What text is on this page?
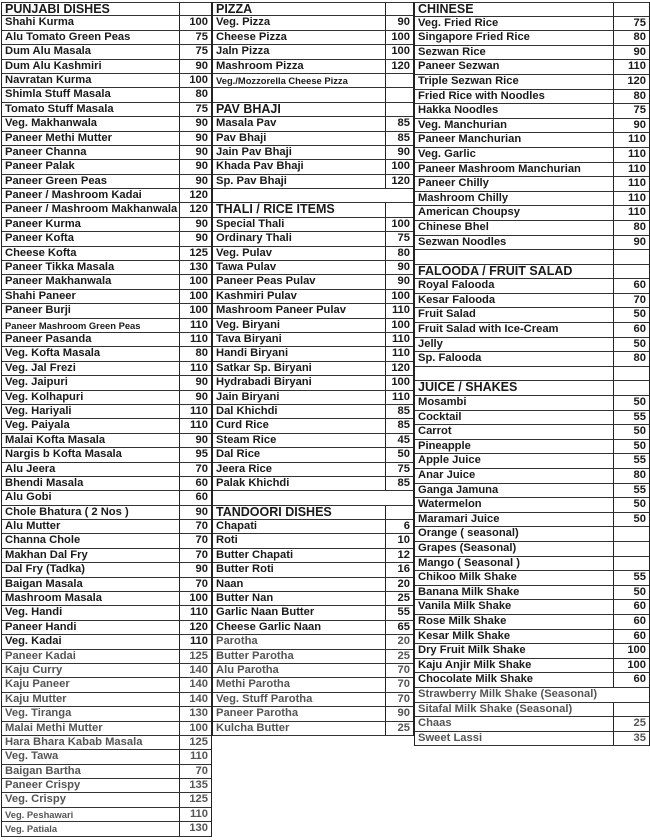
PUNJABI DISHES
Shahi Kurma	100
Alu Tomato Green Peas	75
Dum Alu Masala	75
Dum Alu Kashmiri	90
Navratan Kurma	100
Shimla Stuff Masala	80
Tomato Stuff Masala	75
Veg. Makhanwala	90
Paneer Methi Mutter	90
Paneer Channa	90
Paneer Palak	90
Paneer Green Peas	90
Paneer / Mashroom Kadai	120
Paneer / Mashroom Makhanwala	120
Paneer Kurma	90
Paneer Kofta	90
Cheese Kofta	125
Paneer Tikka Masala	130
Paneer Makhanwala	100
Shahi Paneer	100
Paneer Burji	100
Paneer Mashroom Green Peas	110
Paneer Pasanda	110
Veg. Kofta Masala	80
Veg. Jal Frezi	110
Veg. Jaipuri	90
Veg. Kolhapuri	90
Veg. Hariyali	110
Veg. Paiyala	110
Malai Kofta Masala	90
Nargis b Kofta Masala	95
Alu Jeera	70
Bhendi Masala	60
Alu Gobi	60
Chole Bhatura ( 2 Nos )	90
Alu Mutter	70
Channa Chole	70
Makhan Dal Fry	70
Dal Fry (Tadka)	90
Baigan Masala	70
Mashroom Masala	100
Veg. Handi	110
Paneer Handi	120
Veg. Kadai	110
Paneer Kadai	125
Kaju Curry	140
Kaju Paneer	140
Kaju Mutter	140
Veg. Tiranga	130
Malai Methi Mutter	100
Hara Bhara Kabab Masala	125
Veg. Tawa	110
Baigan Bartha	70
Paneer Crispy	135
Veg. Crispy	125
Veg. Peshawari	110
Veg. Patiala	130
PIZZA
Veg. Pizza	90
Cheese Pizza	100
Jaln Pizza	100
Mashroom Pizza	120
Veg./Mozzorella Cheese Pizza
PAV BHAJI
Masala Pav	85
Pav Bhaji	85
Jain Pav Bhaji	90
Khada Pav Bhaji	100
Sp. Pav Bhaji	120
THALI / RICE ITEMS
Special Thali	100
Ordinary Thali	75
Veg. Pulav	80
Tawa Pulav	90
Paneer Peas Pulav	90
Kashmiri Pulav	100
Mashroom Paneer Pulav	110
Veg. Biryani	100
Tava Biryani	110
Handi Biryani	110
Satkar Sp. Biryani	120
Hydrabadi Biryani	100
Jain Biryani	110
Dal Khichdi	85
Curd Rice	85
Steam Rice	45
Dal Rice	50
Jeera Rice	75
Palak Khichdi	85
TANDOORI DISHES
Chapati	6
Roti	10
Butter Chapati	12
Butter Roti	16
Naan	20
Butter Nan	25
Garlic Naan Butter	55
Cheese Garlic Naan	65
Parotha	20
Butter Parotha	25
Alu Parotha	70
Methi Parotha	70
Veg. Stuff Parotha	70
Paneer Parotha	90
Kulcha Butter	25
CHINESE
Veg. Fried Rice	75
Singapore Fried Rice	80
Sezwan Rice	90
Paneer Sezwan	110
Triple Sezwan Rice	120
Fried Rice with Noodles	80
Hakka Noodles	75
Veg. Manchurian	90
Paneer Manchurian	110
Veg. Garlic	110
Paneer Mashroom Manchurian	110
Paneer Chilly	110
Mashroom Chilly	110
American Choupsy	110
Chinese Bhel	80
Sezwan Noodles	90
FALOODA / FRUIT SALAD
Royal Falooda	60
Kesar Falooda	70
Fruit Salad	50
Fruit Salad with Ice-Cream	60
Jelly	50
Sp. Falooda	80
JUICE / SHAKES
Mosambi	50
Cocktail	55
Carrot	50
Pineapple	50
Apple Juice	55
Anar Juice	80
Ganga Jamuna	55
Watermelon	50
Maramari Juice	50
Orange ( seasonal)
Grapes (Seasonal)
Mango ( Seasonal )
Chikoo Milk Shake	55
Banana Milk Shake	50
Vanila Milk Shake	60
Rose Milk Shake	60
Kesar Milk Shake	60
Dry Fruit Milk Shake	100
Kaju Anjir Milk Shake	100
Chocolate Milk Shake	60
Strawberry Milk Shake (Seasonal)
Sitafal Milk Shake (Seasonal)
Chaas	25
Sweet Lassi	35
